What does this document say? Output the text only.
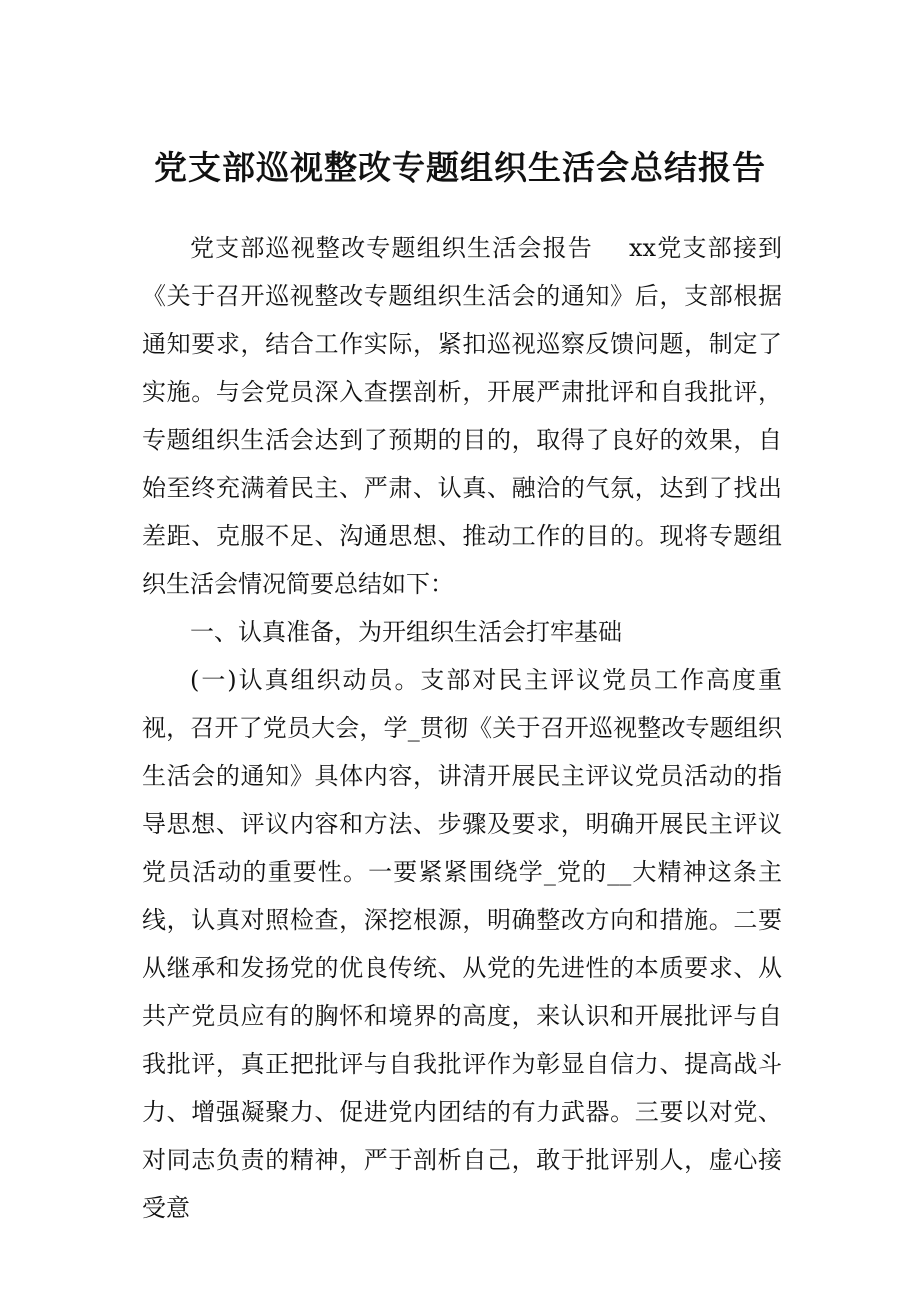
党支部巡视整改专题组织生活会总结报告

党支部巡视整改专题组织生活会报告 xx党支部接到《关于召开巡视整改专题组织生活会的通知》后，支部根据通知要求，结合工作实际，紧扣巡视巡察反馈问题，制定了实施。与会党员深入查摆剖析，开展严肃批评和自我批评，专题组织生活会达到了预期的目的，取得了良好的效果，自始至终充满着民主、严肃、认真、融洽的气氛，达到了找出差距、克服不足、沟通思想、推动工作的目的。现将专题组织生活会情况简要总结如下：

一、认真准备，为开组织生活会打牢基础

(一)认真组织动员。支部对民主评议党员工作高度重视，召开了党员大会，学_贯彻《关于召开巡视整改专题组织生活会的通知》具体内容，讲清开展民主评议党员活动的指导思想、评议内容和方法、步骤及要求，明确开展民主评议党员活动的重要性。一要紧紧围绕学_党的__大精神这条主线，认真对照检查，深挖根源，明确整改方向和措施。二要从继承和发扬党的优良传统、从党的先进性的本质要求、从共产党员应有的胸怀和境界的高度，来认识和开展批评与自我批评，真正把批评与自我批评作为彰显自信力、提高战斗力、增强凝聚力、促进党内团结的有力武器。三要以对党、对同志负责的精神，严于剖析自己，敢于批评别人，虚心接受意
